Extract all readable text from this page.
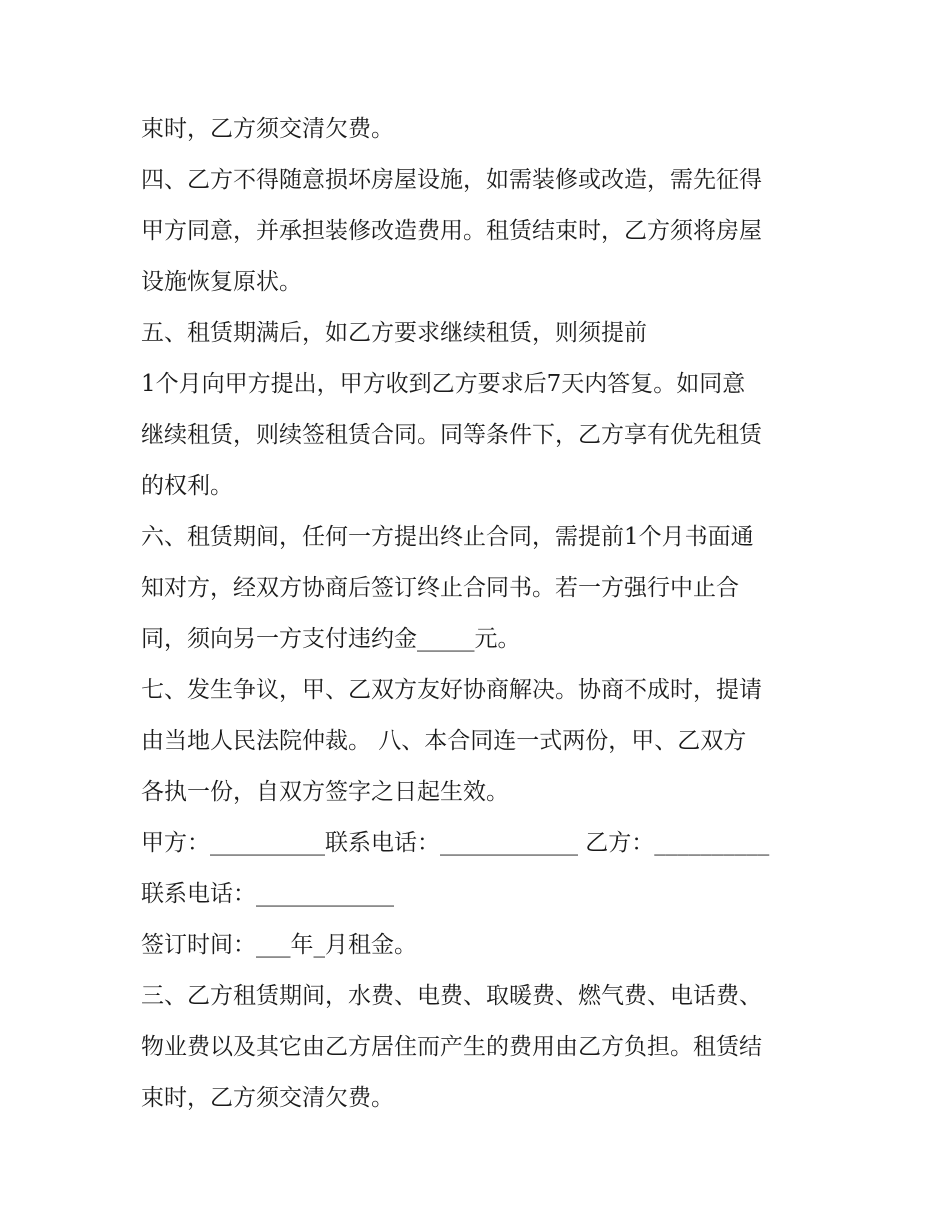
束时，乙方须交清欠费。
四、乙方不得随意损坏房屋设施，如需装修或改造，需先征得
甲方同意，并承担装修改造费用。租赁结束时，乙方须将房屋
设施恢复原状。
五、租赁期满后，如乙方要求继续租赁，则须提前
1个月向甲方提出，甲方收到乙方要求后7天内答复。如同意
继续租赁，则续签租赁合同。同等条件下，乙方享有优先租赁
的权利。
六、租赁期间，任何一方提出终止合同，需提前1个月书面通
知对方，经双方协商后签订终止合同书。若一方强行中止合
同，须向另一方支付违约金_____元。
七、发生争议，甲、乙双方友好协商解决。协商不成时，提请
由当地人民法院仲裁。 八、本合同连一式两份，甲、乙双方
各执一份，自双方签字之日起生效。
甲方：__________联系电话：____________ 乙方：__________
联系电话：____________
签订时间：___年_月租金。
三、乙方租赁期间，水费、电费、取暖费、燃气费、电话费、
物业费以及其它由乙方居住而产生的费用由乙方负担。租赁结
束时，乙方须交清欠费。
